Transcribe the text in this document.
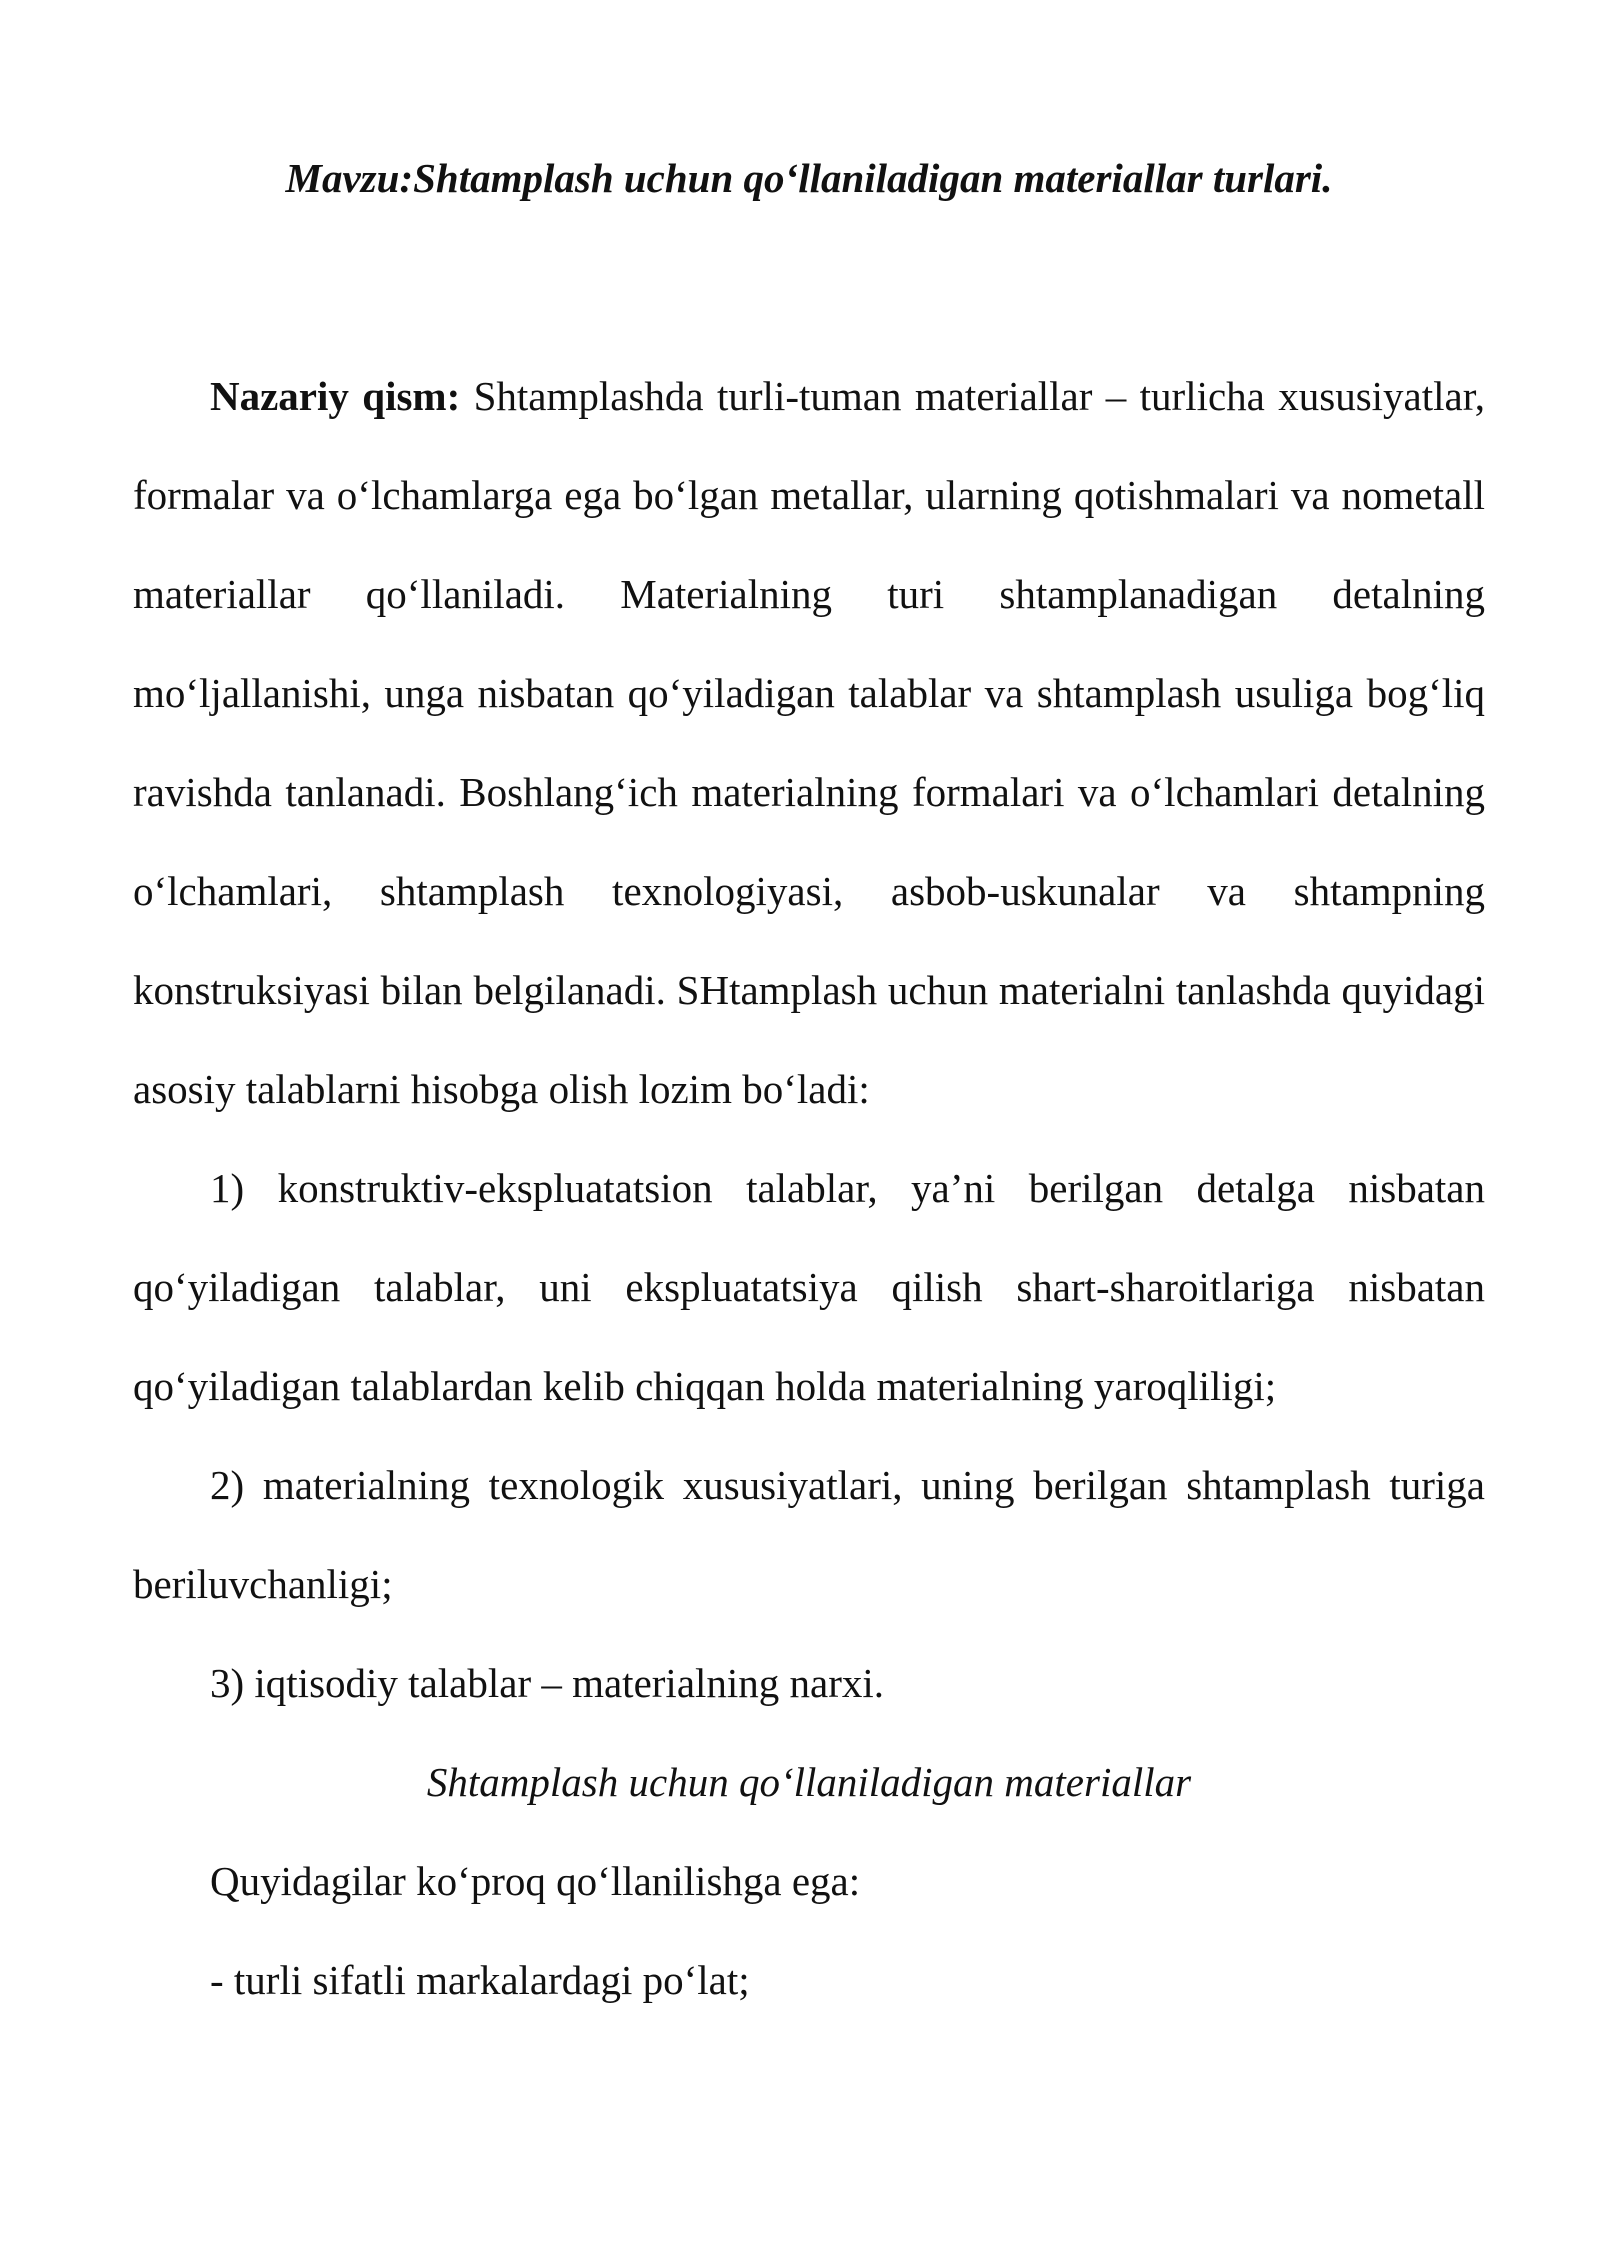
Mavzu:Shtamplash uchun qo‘llaniladigan materiallar turlari.

Nazariy qism: Shtamplashda turli-tuman materiallar – turlicha xususiyatlar, formalar va o‘lchamlarga ega bo‘lgan metallar, ularning qotishmalari va nometall materiallar qo‘llaniladi. Materialning turi shtamplanadigan detalning mo‘ljallanishi, unga nisbatan qo‘yiladigan talablar va shtamplash usuliga bog‘liq ravishda tanlanadi. Boshlang‘ich materialning formalari va o‘lchamlari detalning o‘lchamlari, shtamplash texnologiyasi, asbob-uskunalar va shtampning konstruksiyasi bilan belgilanadi. SHtamplash uchun materialni tanlashda quyidagi asosiy talablarni hisobga olish lozim bo‘ladi:

1) konstruktiv-ekspluatatsion talablar, ya’ni berilgan detalga nisbatan qo‘yiladigan talablar, uni ekspluatatsiya qilish shart-sharoitlariga nisbatan qo‘yiladigan talablardan kelib chiqqan holda materialning yaroqliligi;

2) materialning texnologik xususiyatlari, uning berilgan shtamplash turiga beriluvchanligi;

3) iqtisodiy talablar – materialning narxi.

Shtamplash uchun qo‘llaniladigan materiallar

Quyidagilar ko‘proq qo‘llanilishga ega:

- turli sifatli markalardagi po‘lat;
